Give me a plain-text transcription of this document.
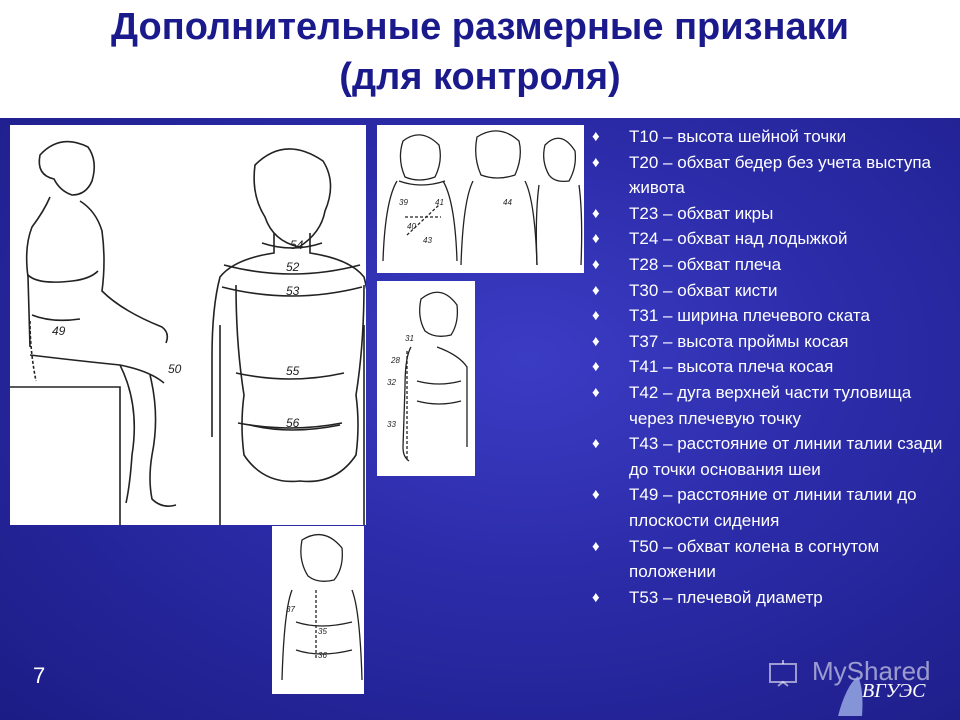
Дополнительные размерные признаки
(для контроля)
49
50
54
52
53
55
56
39	41
40
43
44
31
28
32
33
37
35
36
♦ Т10 – высота шейной точки
♦ Т20 – обхват бедер без учета выступа живота
♦ Т23 – обхват икры
♦ Т24 – обхват над лодыжкой
♦ Т28 – обхват плеча
♦ Т30 – обхват кисти
♦ Т31 – ширина плечевого ската
♦ Т37 – высота проймы косая
♦ Т41 – высота плеча косая
♦ Т42 – дуга верхней части туловища через плечевую точку
♦ Т43 – расстояние от линии талии сзади до точки основания шеи
♦ Т49 – расстояние от линии талии до плоскости сидения
♦ Т50 – обхват колена в согнутом положении
♦ Т53 – плечевой диаметр
7	MyShared
ВГУЭС
